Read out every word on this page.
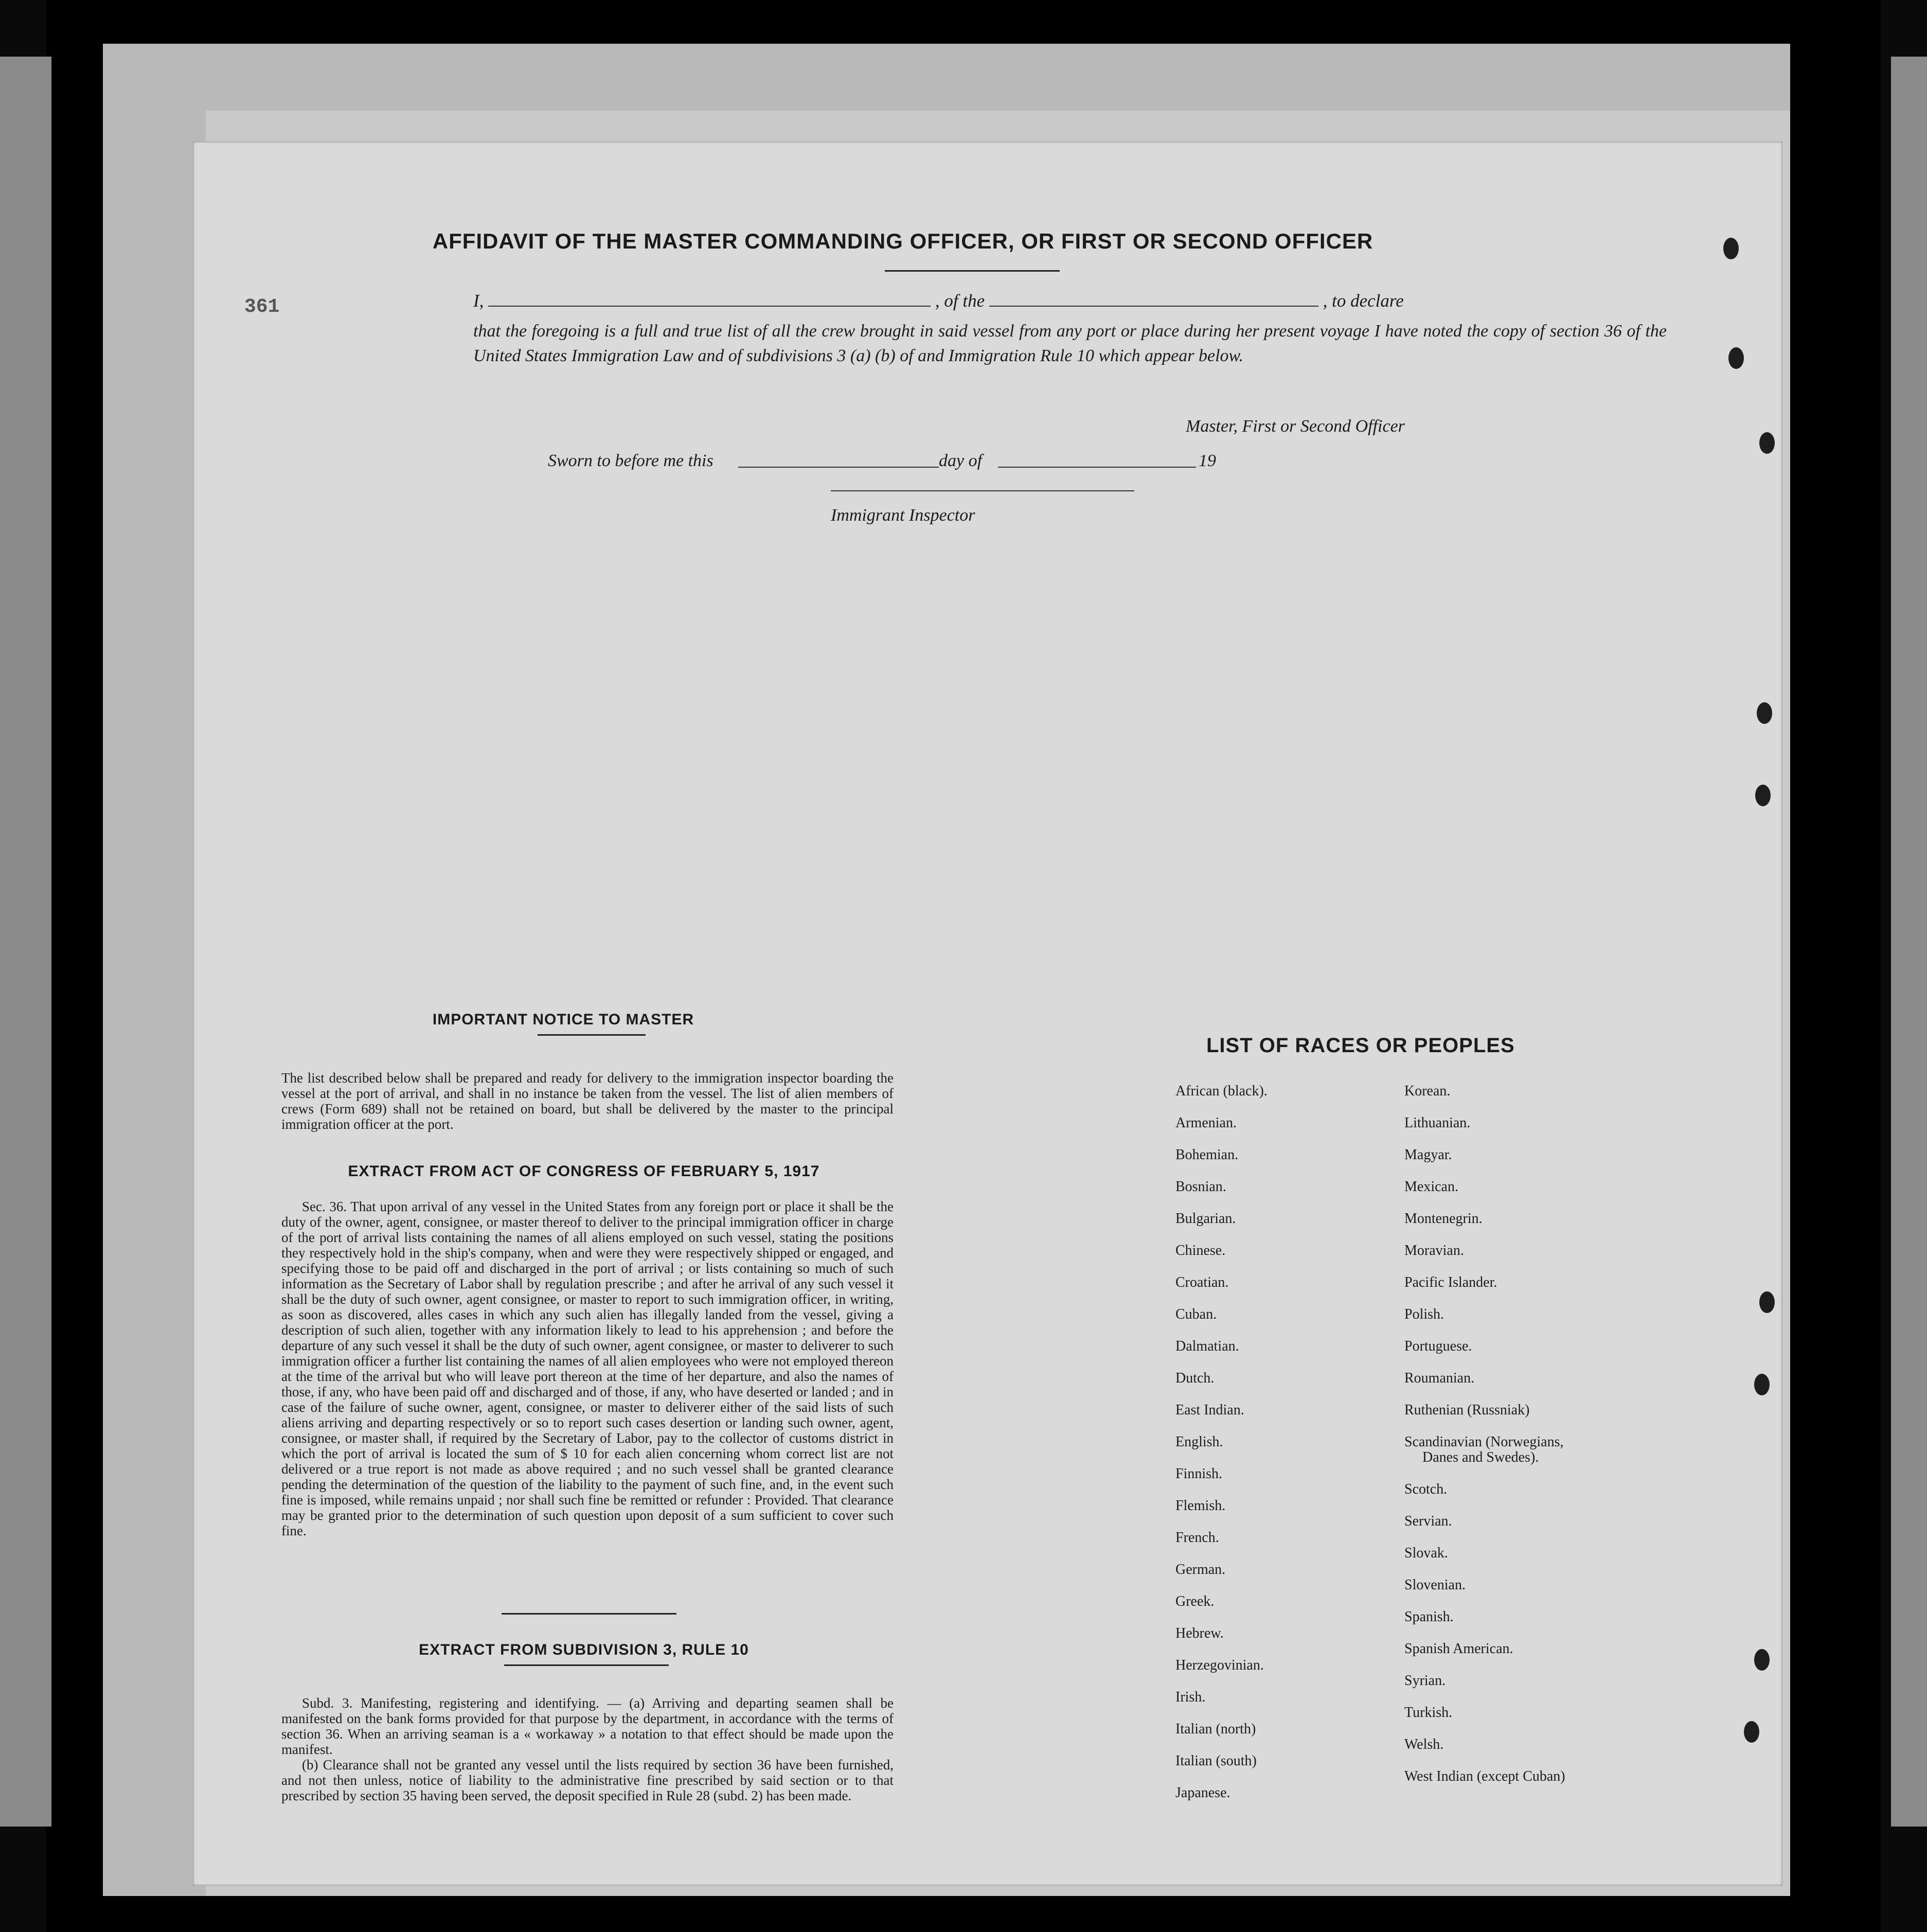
361
AFFIDAVIT OF THE MASTER COMMANDING OFFICER, OR FIRST OR SECOND OFFICER
I,	, of the	, to declare
that the foregoing is a full and true list of all the crew brought in said vessel from any port or place during her present voyage I have noted the copy of section 36 of the United States Immigration Law and of subdivisions 3 (a) (b) of and Immigration Rule 10 which appear below.
Master, First or Second Officer
Sworn to before me this	day of	19
Immigrant Inspector
IMPORTANT NOTICE TO MASTER
The list described below shall be prepared and ready for delivery to the immigration inspector boarding the vessel at the port of arrival, and shall in no instance be taken from the vessel. The list of alien members of crews (Form 689) shall not be retained on board, but shall be delivered by the master to the principal immigration officer at the port.
EXTRACT FROM ACT OF CONGRESS OF FEBRUARY 5, 1917
Sec. 36. That upon arrival of any vessel in the United States from any foreign port or place it shall be the duty of the owner, agent, consignee, or master thereof to deliver to the principal immigration officer in charge of the port of arrival lists containing the names of all aliens employed on such vessel, stating the positions they respectively hold in the ship's company, when and were they were respectively shipped or engaged, and specifying those to be paid off and discharged in the port of arrival ; or lists containing so much of such information as the Secretary of Labor shall by regulation prescribe ; and after he arrival of any such vessel it shall be the duty of such owner, agent consignee, or master to report to such immigration officer, in writing, as soon as discovered, alles cases in which any such alien has illegally landed from the vessel, giving a description of such alien, together with any information likely to lead to his apprehension ; and before the departure of any such vessel it shall be the duty of such owner, agent consignee, or master to deliverer to such immigration officer a further list containing the names of all alien employees who were not employed thereon at the time of the arrival but who will leave port thereon at the time of her departure, and also the names of those, if any, who have been paid off and discharged and of those, if any, who have deserted or landed ; and in case of the failure of suche owner, agent, consignee, or master to deliverer either of the said lists of such aliens arriving and departing respectively or so to report such cases desertion or landing such owner, agent, consignee, or master shall, if required by the Secretary of Labor, pay to the collector of customs district in which the port of arrival is located the sum of $ 10 for each alien concerning whom correct list are not delivered or a true report is not made as above required ; and no such vessel shall be granted clearance pending the determination of the question of the liability to the payment of such fine, and, in the event such fine is imposed, while remains unpaid ; nor shall such fine be remitted or refunder : Provided. That clearance may be granted prior to the determination of such question upon deposit of a sum sufficient to cover such fine.
EXTRACT FROM SUBDIVISION 3, RULE 10
Subd. 3. Manifesting, registering and identifying. — (a) Arriving and departing seamen shall be manifested on the bank forms provided for that purpose by the department, in accordance with the terms of section 36. When an arriving seaman is a « workaway » a notation to that effect should be made upon the manifest.
(b) Clearance shall not be granted any vessel until the lists required by section 36 have been furnished, and not then unless, notice of liability to the administrative fine prescribed by said section or to that prescribed by section 35 having been served, the deposit specified in Rule 28 (subd. 2) has been made.
LIST OF RACES OR PEOPLES
African (black).
Armenian.
Bohemian.
Bosnian.
Bulgarian.
Chinese.
Croatian.
Cuban.
Dalmatian.
Dutch.
East Indian.
English.
Finnish.
Flemish.
French.
German.
Greek.
Hebrew.
Herzegovinian.
Irish.
Italian (north)
Italian (south)
Japanese.
Korean.
Lithuanian.
Magyar.
Mexican.
Montenegrin.
Moravian.
Pacific Islander.
Polish.
Portuguese.
Roumanian.
Ruthenian (Russniak)
Scandinavian (Norwegians,
Danes and Swedes).
Scotch.
Servian.
Slovak.
Slovenian.
Spanish.
Spanish American.
Syrian.
Turkish.
Welsh.
West Indian (except Cuban)
